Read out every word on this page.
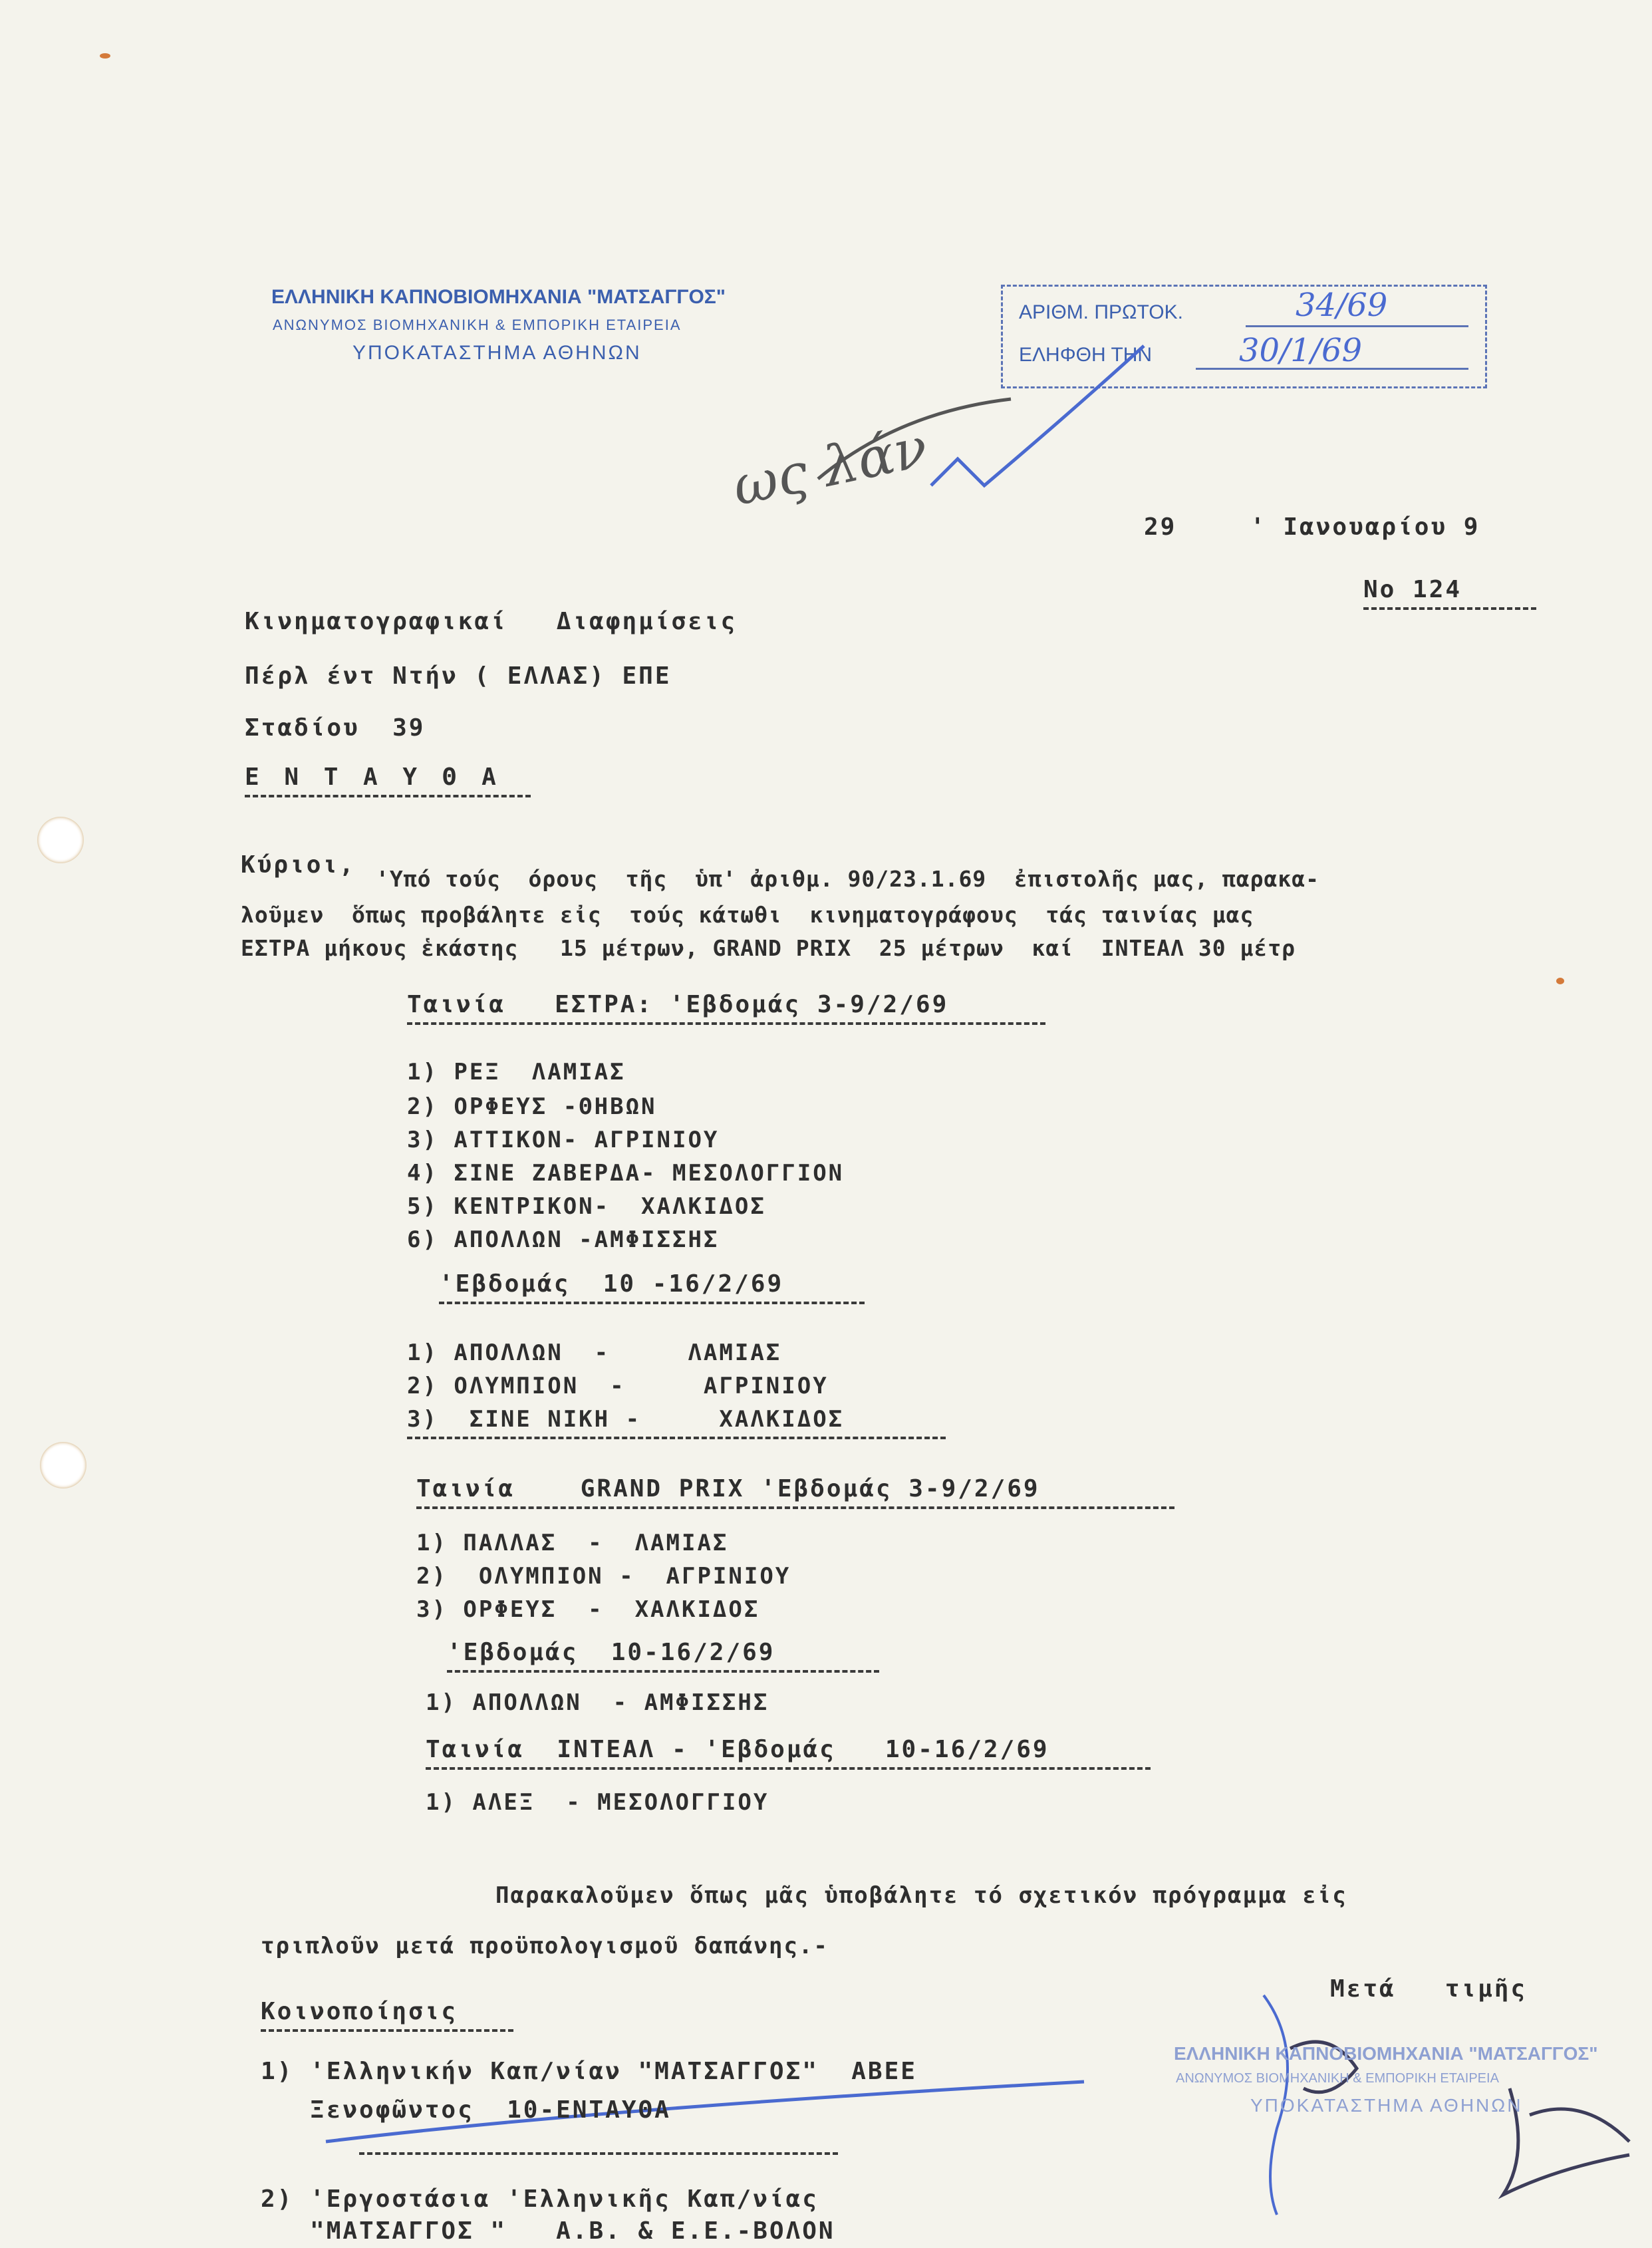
ΕΛΛΗΝΙΚΗ ΚΑΠΝΟΒΙΟΜΗΧΑΝΙΑ "ΜΑΤΣΑΓΓΟΣ"
ΑΝΩΝΥΜΟΣ ΒΙΟΜΗΧΑΝΙΚΗ & ΕΜΠΟΡΙΚΗ ΕΤΑΙΡΕΙΑ
ΥΠΟΚΑΤΑΣΤΗΜΑ ΑΘΗΝΩΝ
ΑΡΙΘΜ. ΠΡΩΤΟΚ.	34/69
ΕΛΗΦΘΗ ΤΗΝ	30/1/69
ως λάν
29	' Ιανουαρίου 9
Νο 124
Κινηματογραφικαί   Διαφημίσεις
Πέρλ έντ Ντήν ( ΕΛΛΑΣ) ΕΠΕ
Σταδίου  39
Ε Ν Τ Α Υ Θ Α
Κύριοι,
'Υπό τούς  όρους  τῆς  ὑπ' ἀριθμ. 90/23.1.69  ἐπιστολῆς μας, παρακα-
λοῦμεν  ὅπως προβάλητε εἰς  τούς κάτωθι  κινηματογράφους  τάς ταινίας μας
ΕΣΤΡΑ μήκους ἑκάστης   15 μέτρων, GRAND PRIX  25 μέτρων  καί  ΙΝΤΕΑΛ 30 μέτρ
Ταινία   ΕΣΤΡΑ: 'Εβδομάς 3-9/2/69
1) ΡΕΞ  ΛΑΜΙΑΣ
2) ΟΡΦΕΥΣ -ΘΗΒΩΝ
3) ΑΤΤΙΚΟΝ- ΑΓΡΙΝΙΟΥ
4) ΣΙΝΕ ΖΑΒΕΡΔΑ- ΜΕΣΟΛΟΓΓΙΟΝ
5) ΚΕΝΤΡΙΚΟΝ-  ΧΑΛΚΙΔΟΣ
6) ΑΠΟΛΛΩΝ -ΑΜΦΙΣΣΗΣ
'Εβδομάς  10 -16/2/69
1) ΑΠΟΛΛΩΝ  -     ΛΑΜΙΑΣ
2) ΟΛΥΜΠΙΟΝ  -     ΑΓΡΙΝΙΟΥ
3)  ΣΙΝΕ ΝΙΚΗ -     ΧΑΛΚΙΔΟΣ
Ταινία    GRAND PRIX 'Εβδομάς 3-9/2/69
1) ΠΑΛΛΑΣ  -  ΛΑΜΙΑΣ
2)  ΟΛΥΜΠΙΟΝ -  ΑΓΡΙΝΙΟΥ
3) ΟΡΦΕΥΣ  -  ΧΑΛΚΙΔΟΣ
'Εβδομάς  10-16/2/69
1) ΑΠΟΛΛΩΝ  - ΑΜΦΙΣΣΗΣ
Ταινία  ΙΝΤΕΑΛ - 'Εβδομάς   10-16/2/69
1) ΑΛΕΞ  - ΜΕΣΟΛΟΓΓΙΟΥ
Παρακαλοῦμεν ὅπως μᾶς ὑποβάλητε τό σχετικόν πρόγραμμα εἰς
τριπλοῦν μετά προϋπολογισμοῦ δαπάνης.-
Μετά   τιμῆς
ΕΛΛΗΝΙΚΗ ΚΑΠΝΟΒΙΟΜΗΧΑΝΙΑ "ΜΑΤΣΑΓΓΟΣ"
ΑΝΩΝΥΜΟΣ ΒΙΟΜΗΧΑΝΙΚΗ & ΕΜΠΟΡΙΚΗ ΕΤΑΙΡΕΙΑ
ΥΠΟΚΑΤΑΣΤΗΜΑ ΑΘΗΝΩΝ
Κοινοποίησις
1) 'Ελληνικήν Καπ/νίαν "ΜΑΤΣΑΓΓΟΣ"  ΑΒΕΕ
Ξενοφῶντος  10-ΕΝΤΑΥΘΑ
2) 'Εργοστάσια 'Ελληνικῆς Καπ/νίας
"ΜΑΤΣΑΓΓΟΣ "   Α.Β. & Ε.Ε.-ΒΟΛΟΝ
